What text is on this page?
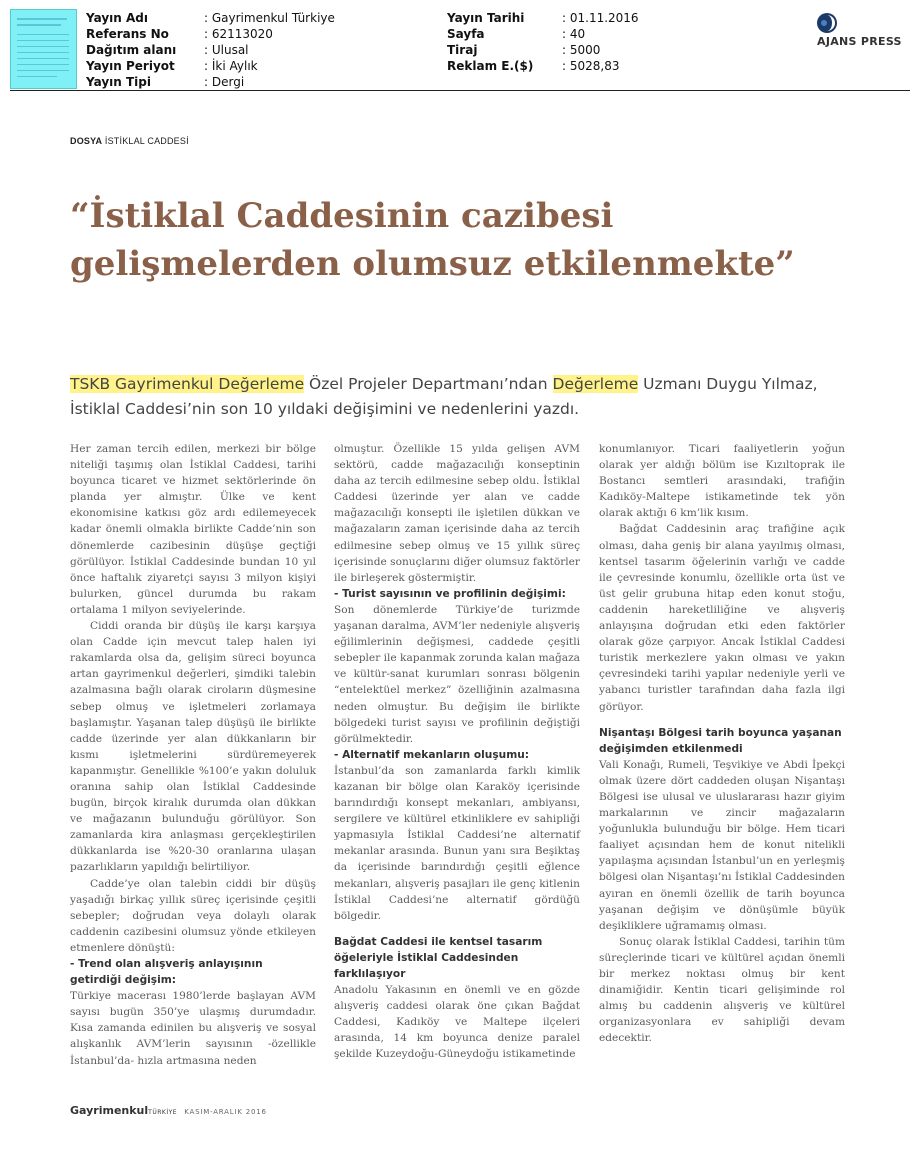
Yayın Adı	: Gayrimenkul Türkiye
Referans No	: 62113020
Dağıtım alanı	: Ulusal
Yayın Periyot	: İki Aylık
Yayın Tipi	: Dergi
Yayın Tarihi	: 01.11.2016
Sayfa	: 40
Tiraj	: 5000
Reklam E.($)	: 5028,83
AJANS PRESS
DOSYA İSTİKLAL CADDESİ
“İstiklal Caddesinin cazibesi
gelişmelerden olumsuz etkilenmekte”
TSKB Gayrimenkul Değerleme Özel Projeler Departmanı’ndan Değerleme Uzmanı Duygu Yılmaz, İstiklal Caddesi’nin son 10 yıldaki değişimini ve nedenlerini yazdı.

Her zaman tercih edilen, merkezi bir bölge niteliği taşımış olan İstiklal Caddesi, tarihi boyunca ticaret ve hizmet sektörlerinde ön planda yer almıştır. Ülke ve kent ekonomisine katkısı göz ardı edilemeyecek kadar önemli olmakla birlikte Cadde’nin son dönemlerde cazibesinin düşüşe geçtiği görülüyor. İstiklal Caddesinde bundan 10 yıl önce haftalık ziyaretçi sayısı 3 milyon kişiyi bulurken, güncel durumda bu rakam ortalama 1 milyon seviyelerinde.

Ciddi oranda bir düşüş ile karşı karşıya olan Cadde için mevcut talep halen iyi rakamlarda olsa da, gelişim süreci boyunca artan gayrimenkul değerleri, şimdiki talebin azalmasına bağlı olarak ciroların düşmesine sebep olmuş ve işletmeleri zorlamaya başlamıştır. Yaşanan talep düşüşü ile birlikte cadde üzerinde yer alan dükkanların bir kısmı işletmelerini sürdüremeyerek kapanmıştır. Genellikle %100’e yakın doluluk oranına sahip olan İstiklal Caddesinde bugün, birçok kiralık durumda olan dükkan ve mağazanın bulunduğu görülüyor. Son zamanlarda kira anlaşması gerçekleştirilen dükkanlarda ise %20-30 oranlarına ulaşan pazarlıkların yapıldığı belirtiliyor.

Cadde’ye olan talebin ciddi bir düşüş yaşadığı birkaç yıllık süreç içerisinde çeşitli sebepler; doğrudan veya dolaylı olarak caddenin cazibesini olumsuz yönde etkileyen etmenlere dönüştü:

- Trend olan alışveriş anlayışının getirdiği değişim:

Türkiye macerası 1980’lerde başlayan AVM sayısı bugün 350’ye ulaşmış durumdadır. Kısa zamanda edinilen bu alışveriş ve sosyal alışkanlık AVM’lerin sayısının -özellikle İstanbul’da- hızla artmasına neden

olmuştur. Özellikle 15 yılda gelişen AVM sektörü, cadde mağazacılığı konseptinin daha az tercih edilmesine sebep oldu. İstiklal Caddesi üzerinde yer alan ve cadde mağazacılığı konsepti ile işletilen dükkan ve mağazaların zaman içerisinde daha az tercih edilmesine sebep olmuş ve 15 yıllık süreç içerisinde sonuçlarını diğer olumsuz faktörler ile birleşerek göstermiştir.

- Turist sayısının ve profilinin değişimi:

Son dönemlerde Türkiye’de turizmde yaşanan daralma, AVM’ler nedeniyle alışveriş eğilimlerinin değişmesi, caddede çeşitli sebepler ile kapanmak zorunda kalan mağaza ve kültür-sanat kurumları sonrası bölgenin “entelektüel merkez” özelliğinin azalmasına neden olmuştur. Bu değişim ile birlikte bölgedeki turist sayısı ve profilinin değiştiği görülmektedir.

- Alternatif mekanların oluşumu:

İstanbul’da son zamanlarda farklı kimlik kazanan bir bölge olan Karaköy içerisinde barındırdığı konsept mekanları, ambiyansı, sergilere ve kültürel etkinliklere ev sahipliği yapmasıyla İstiklal Caddesi’ne alternatif mekanlar arasında. Bunun yanı sıra Beşiktaş da içerisinde barındırdığı çeşitli eğlence mekanları, alışveriş pasajları ile genç kitlenin İstiklal Caddesi’ne alternatif gördüğü bölgedir.

Bağdat Caddesi ile kentsel tasarım öğeleriyle İstiklal Caddesinden farklılaşıyor

Anadolu Yakasının en önemli ve en gözde alışveriş caddesi olarak öne çıkan Bağdat Caddesi, Kadıköy ve Maltepe ilçeleri arasında, 14 km boyunca denize paralel şekilde Kuzeydoğu-Güneydoğu istikametinde

konumlanıyor. Ticari faaliyetlerin yoğun olarak yer aldığı bölüm ise Kızıltoprak ile Bostancı semtleri arasındaki, trafiğin Kadıköy-Maltepe istikametinde tek yön olarak aktığı 6 km’lik kısım.

Bağdat Caddesinin araç trafiğine açık olması, daha geniş bir alana yayılmış olması, kentsel tasarım öğelerinin varlığı ve cadde ile çevresinde konumlu, özellikle orta üst ve üst gelir grubuna hitap eden konut stoğu, caddenin hareketliliğine ve alışveriş anlayışına doğrudan etki eden faktörler olarak göze çarpıyor. Ancak İstiklal Caddesi turistik merkezlere yakın olması ve yakın çevresindeki tarihi yapılar nedeniyle yerli ve yabancı turistler tarafından daha fazla ilgi görüyor.

Nişantaşı Bölgesi tarih boyunca yaşanan değişimden etkilenmedi

Vali Konağı, Rumeli, Teşvikiye ve Abdi İpekçi olmak üzere dört caddeden oluşan Nişantaşı Bölgesi ise ulusal ve uluslararası hazır giyim markalarının ve zincir mağazaların yoğunlukla bulunduğu bir bölge. Hem ticari faaliyet açısından hem de konut nitelikli yapılaşma açısından İstanbul’un en yerleşmiş bölgesi olan Nişantaşı’nı İstiklal Caddesinden ayıran en önemli özellik de tarih boyunca yaşanan değişim ve dönüşümle büyük deşikliklere uğramamış olması.

Sonuç olarak İstiklal Caddesi, tarihin tüm süreçlerinde ticari ve kültürel açıdan önemli bir merkez noktası olmuş bir kent dinamiğidir. Kentin ticari gelişiminde rol almış bu caddenin alışveriş ve kültürel organizasyonlara ev sahipliği devam edecektir.

GayrimenkulTÜRKİYE KASIM-ARALIK 2016
